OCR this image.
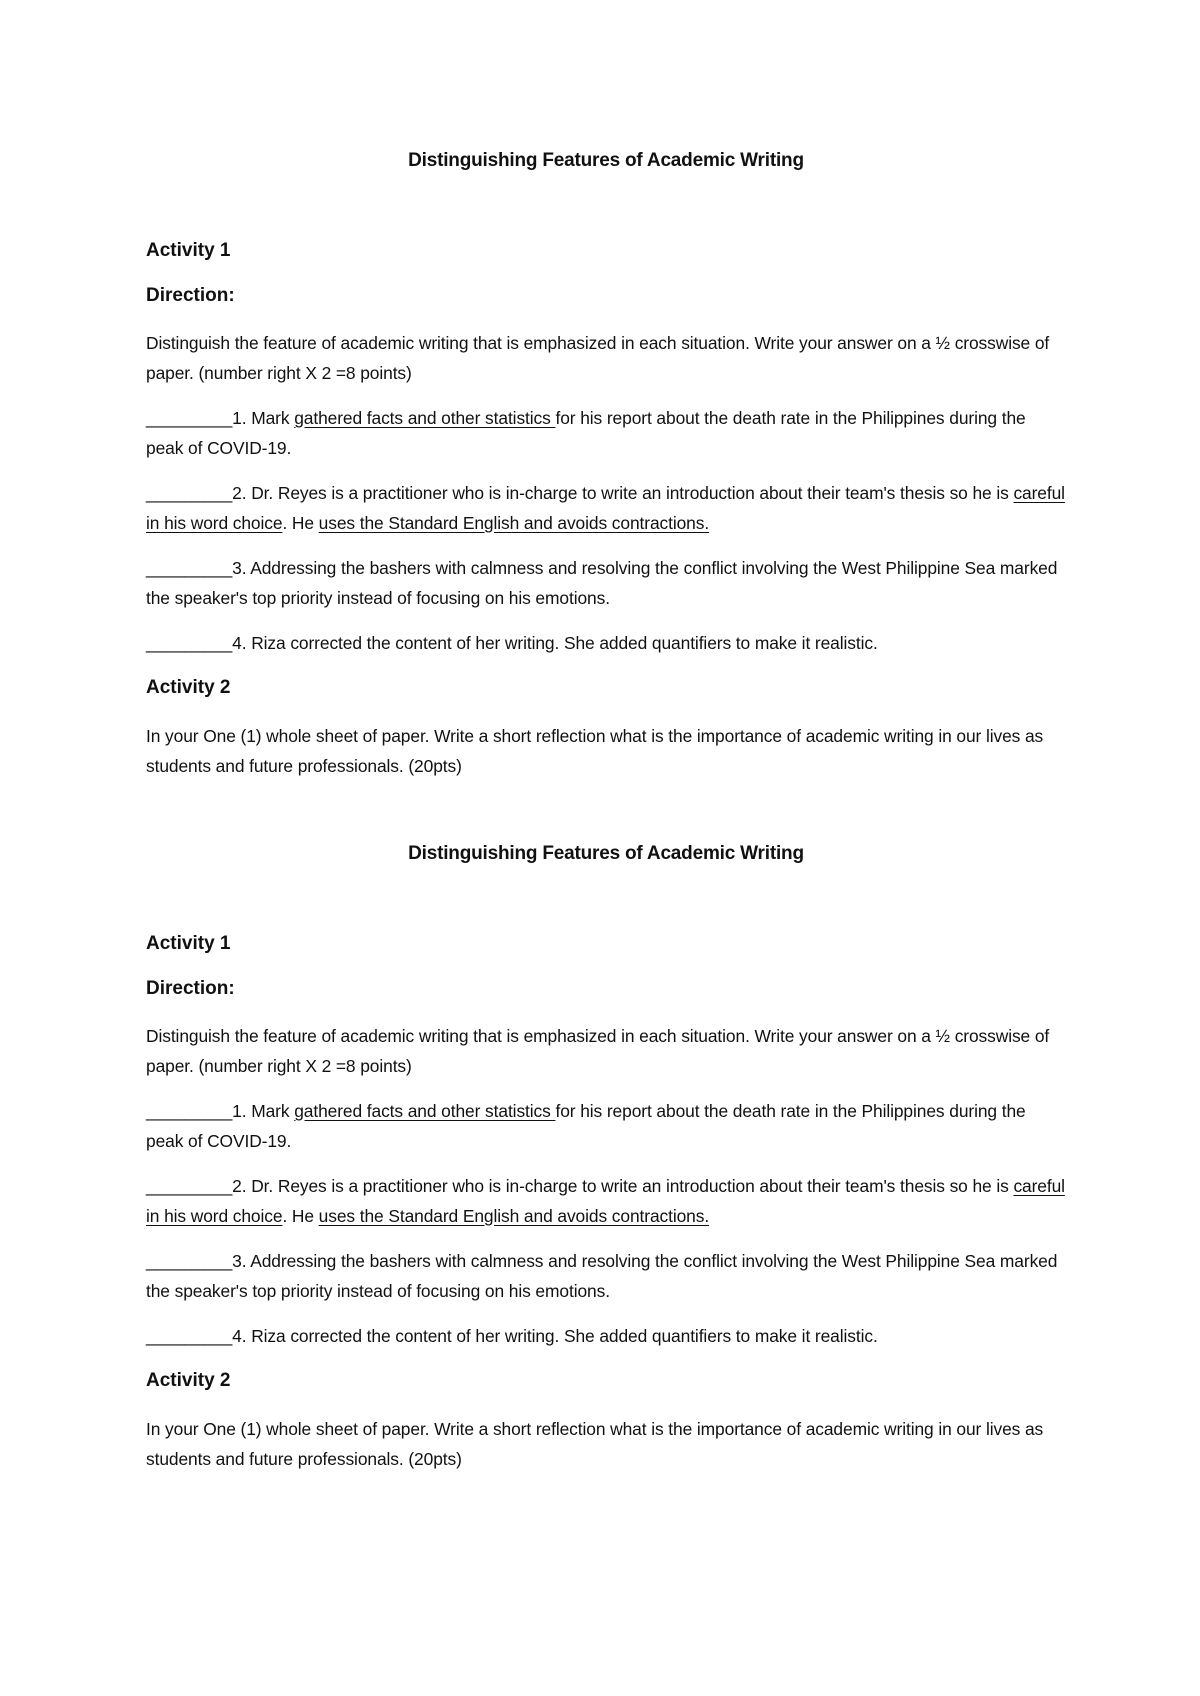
Distinguishing Features of Academic Writing
Activity 1
Direction:
Distinguish the feature of academic writing that is emphasized in each situation. Write your answer on a ½ crosswise of paper. (number right X 2 =8 points)
_________1. Mark gathered facts and other statistics for his report about the death rate in the Philippines during the peak of COVID-19.
_________2. Dr. Reyes is a practitioner who is in-charge to write an introduction about their team's thesis so he is careful in his word choice. He uses the Standard English and avoids contractions.
_________3. Addressing the bashers with calmness and resolving the conflict involving the West Philippine Sea marked the speaker's top priority instead of focusing on his emotions.
_________4. Riza corrected the content of her writing. She added quantifiers to make it realistic.
Activity 2
In your One (1) whole sheet of paper. Write a short reflection what is the importance of academic writing in our lives as students and future professionals. (20pts)
Distinguishing Features of Academic Writing
Activity 1
Direction:
Distinguish the feature of academic writing that is emphasized in each situation. Write your answer on a ½ crosswise of paper. (number right X 2 =8 points)
_________1. Mark gathered facts and other statistics for his report about the death rate in the Philippines during the peak of COVID-19.
_________2. Dr. Reyes is a practitioner who is in-charge to write an introduction about their team's thesis so he is careful in his word choice. He uses the Standard English and avoids contractions.
_________3. Addressing the bashers with calmness and resolving the conflict involving the West Philippine Sea marked the speaker's top priority instead of focusing on his emotions.
_________4. Riza corrected the content of her writing. She added quantifiers to make it realistic.
Activity 2
In your One (1) whole sheet of paper. Write a short reflection what is the importance of academic writing in our lives as students and future professionals. (20pts)
